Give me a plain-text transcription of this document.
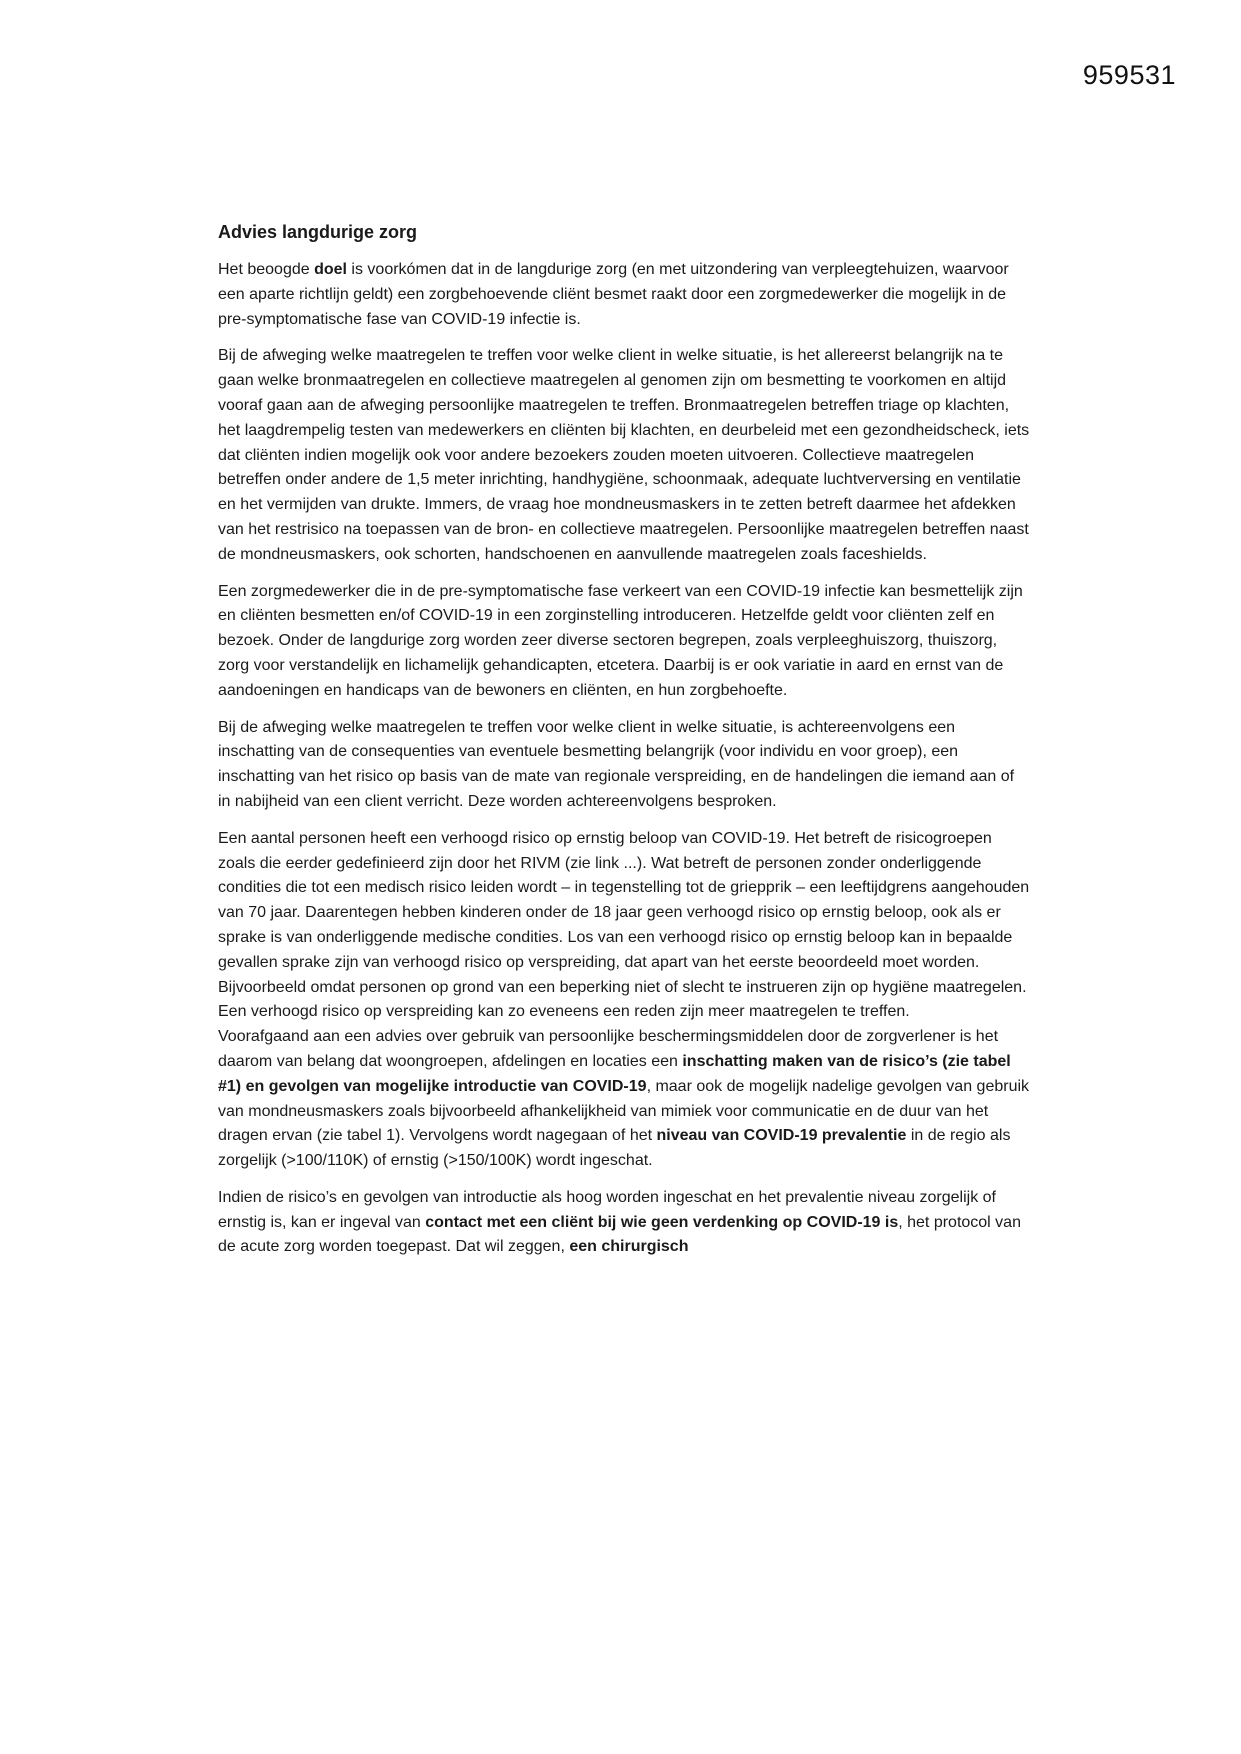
959531
Advies langdurige zorg

Het beoogde doel is voorkómen dat in de langdurige zorg (en met uitzondering van verpleegtehuizen, waarvoor een aparte richtlijn geldt) een zorgbehoevende cliënt besmet raakt door een zorgmedewerker die mogelijk in de pre-symptomatische fase van COVID-19 infectie is.

Bij de afweging welke maatregelen te treffen voor welke client in welke situatie, is het allereerst belangrijk na te gaan welke bronmaatregelen en collectieve maatregelen al genomen zijn om besmetting te voorkomen en altijd vooraf gaan aan de afweging persoonlijke maatregelen te treffen. Bronmaatregelen betreffen triage op klachten, het laagdrempelig testen van medewerkers en cliënten bij klachten, en deurbeleid met een gezondheidscheck, iets dat cliënten indien mogelijk ook voor andere bezoekers zouden moeten uitvoeren. Collectieve maatregelen betreffen onder andere de 1,5 meter inrichting, handhygiëne, schoonmaak, adequate luchtverversing en ventilatie en het vermijden van drukte. Immers, de vraag hoe mondneusmaskers in te zetten betreft daarmee het afdekken van het restrisico na toepassen van de bron- en collectieve maatregelen. Persoonlijke maatregelen betreffen naast de mondneusmaskers, ook schorten, handschoenen en aanvullende maatregelen zoals faceshields.

Een zorgmedewerker die in de pre-symptomatische fase verkeert van een COVID-19 infectie kan besmettelijk zijn en cliënten besmetten en/of COVID-19 in een zorginstelling introduceren. Hetzelfde geldt voor cliënten zelf en bezoek. Onder de langdurige zorg worden zeer diverse sectoren begrepen, zoals verpleeghuiszorg, thuiszorg, zorg voor verstandelijk en lichamelijk gehandicapten, etcetera. Daarbij is er ook variatie in aard en ernst van de aandoeningen en handicaps van de bewoners en cliënten, en hun zorgbehoefte.

Bij de afweging welke maatregelen te treffen voor welke client in welke situatie, is achtereenvolgens een inschatting van de consequenties van eventuele besmetting belangrijk (voor individu en voor groep), een inschatting van het risico op basis van de mate van regionale verspreiding, en de handelingen die iemand aan of in nabijheid van een client verricht. Deze worden achtereenvolgens besproken.

Een aantal personen heeft een verhoogd risico op ernstig beloop van COVID-19. Het betreft de risicogroepen zoals die eerder gedefinieerd zijn door het RIVM (zie link ...). Wat betreft de personen zonder onderliggende condities die tot een medisch risico leiden wordt – in tegenstelling tot de griepprik – een leeftijdgrens aangehouden van 70 jaar. Daarentegen hebben kinderen onder de 18 jaar geen verhoogd risico op ernstig beloop, ook als er sprake is van onderliggende medische condities. Los van een verhoogd risico op ernstig beloop kan in bepaalde gevallen sprake zijn van verhoogd risico op verspreiding, dat apart van het eerste beoordeeld moet worden. Bijvoorbeeld omdat personen op grond van een beperking niet of slecht te instrueren zijn op hygiëne maatregelen. Een verhoogd risico op verspreiding kan zo eveneens een reden zijn meer maatregelen te treffen.

Voorafgaand aan een advies over gebruik van persoonlijke beschermingsmiddelen door de zorgverlener is het daarom van belang dat woongroepen, afdelingen en locaties een inschatting maken van de risico’s (zie tabel #1) en gevolgen van mogelijke introductie van COVID-19, maar ook de mogelijk nadelige gevolgen van gebruik van mondneusmaskers zoals bijvoorbeeld afhankelijkheid van mimiek voor communicatie en de duur van het dragen ervan (zie tabel 1). Vervolgens wordt nagegaan of het niveau van COVID-19 prevalentie in de regio als zorgelijk (>100/110K) of ernstig (>150/100K) wordt ingeschat.

Indien de risico’s en gevolgen van introductie als hoog worden ingeschat en het prevalentie niveau zorgelijk of ernstig is, kan er ingeval van contact met een cliënt bij wie geen verdenking op COVID-19 is, het protocol van de acute zorg worden toegepast. Dat wil zeggen, een chirurgisch
